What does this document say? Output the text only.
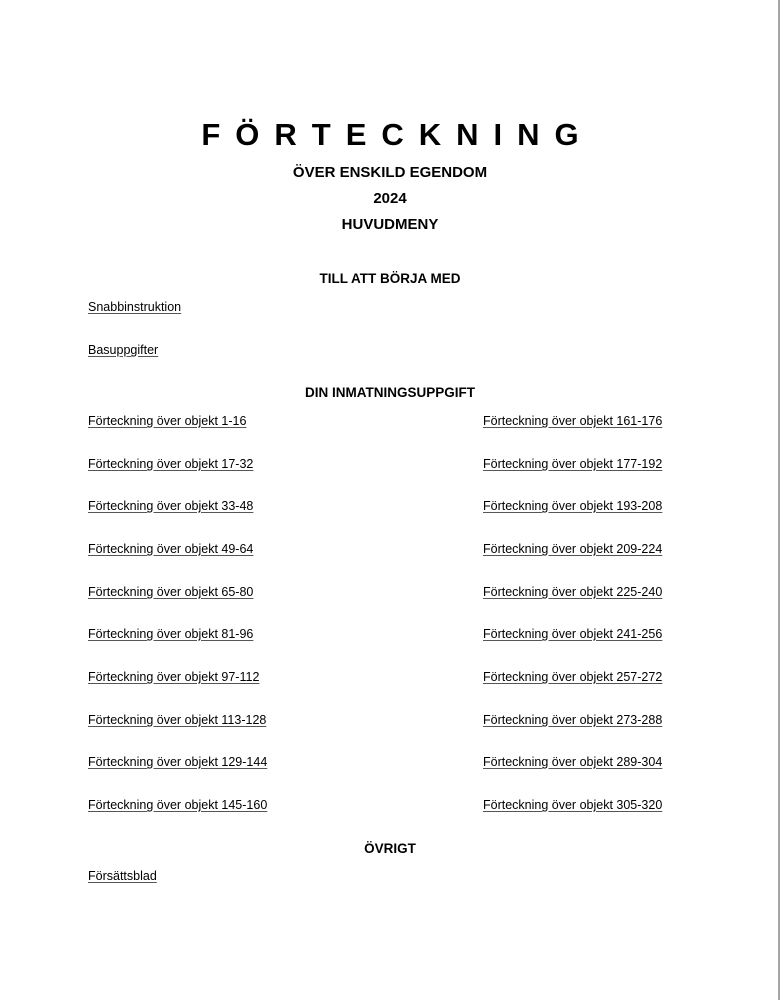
FÖRTECKNING
ÖVER ENSKILD EGENDOM
2024
HUVUDMENY
TILL ATT BÖRJA MED
Snabbinstruktion
Basuppgifter
DIN INMATNINGSUPPGIFT
Förteckning över objekt 1-16
Förteckning över objekt 17-32
Förteckning över objekt 33-48
Förteckning över objekt 49-64
Förteckning över objekt 65-80
Förteckning över objekt 81-96
Förteckning över objekt 97-112
Förteckning över objekt 113-128
Förteckning över objekt 129-144
Förteckning över objekt 145-160
Förteckning över objekt 161-176
Förteckning över objekt 177-192
Förteckning över objekt 193-208
Förteckning över objekt 209-224
Förteckning över objekt 225-240
Förteckning över objekt 241-256
Förteckning över objekt 257-272
Förteckning över objekt 273-288
Förteckning över objekt 289-304
Förteckning över objekt 305-320
ÖVRIGT
Försättsblad
